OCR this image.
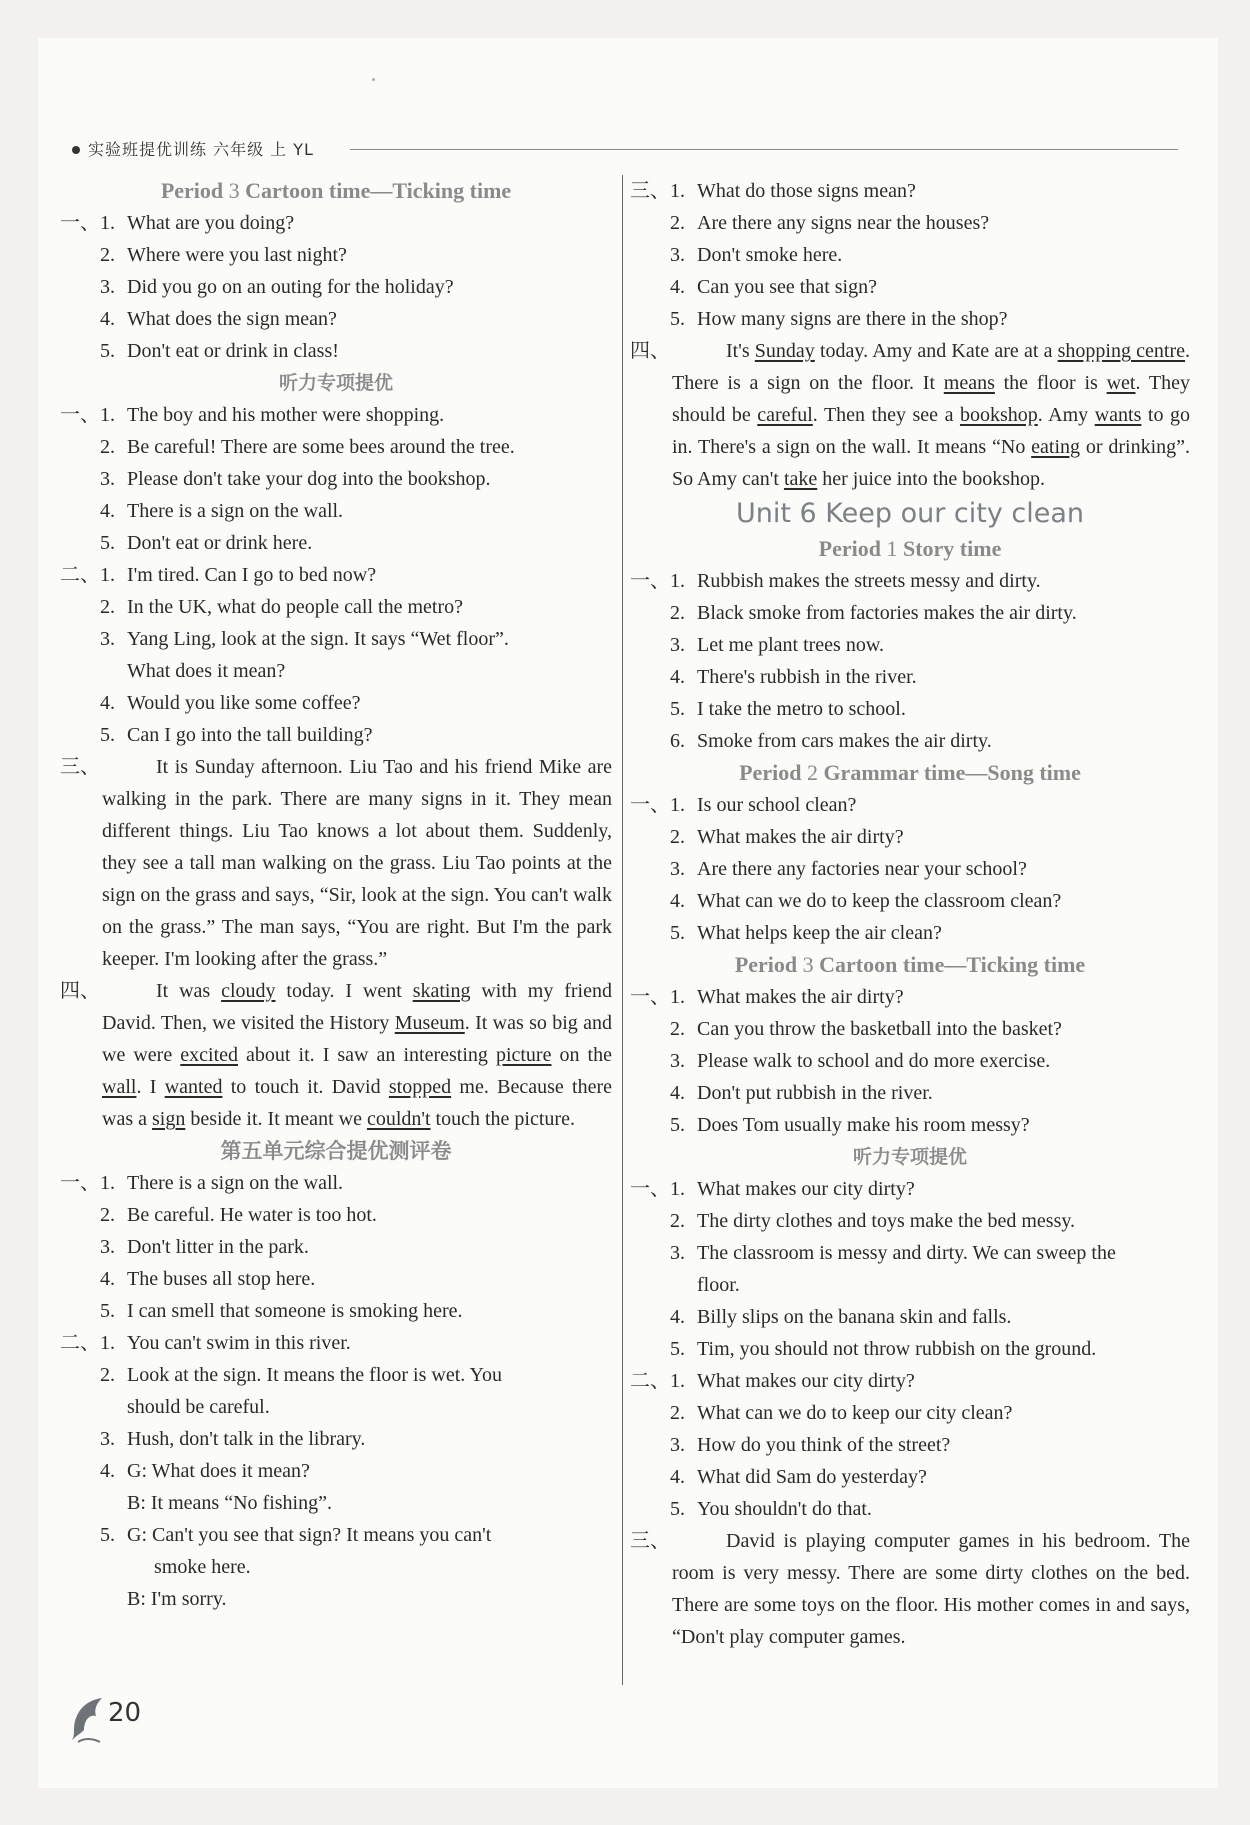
实验班提优训练 六年级 上 YL
Period 3 Cartoon time—Ticking time
一、 1. What are you doing?
2. Where were you last night?
3. Did you go on an outing for the holiday?
4. What does the sign mean?
5. Don't eat or drink in class!
听力专项提优
一、 1. The boy and his mother were shopping.
2. Be careful! There are some bees around the tree.
3. Please don't take your dog into the bookshop.
4. There is a sign on the wall.
5. Don't eat or drink here.
二、 1. I'm tired. Can I go to bed now?
2. In the UK, what do people call the metro?
3. Yang Ling, look at the sign. It says “Wet floor”.
What does it mean?
4. Would you like some coffee?
5. Can I go into the tall building?
三、	It is Sunday afternoon. Liu Tao and his friend Mike are walking in the park. There are many signs in it. They mean different things. Liu Tao knows a lot about them. Suddenly, they see a tall man walking on the grass. Liu Tao points at the sign on the grass and says, “Sir, look at the sign. You can't walk on the grass.” The man says, “You are right. But I'm the park keeper. I'm looking after the grass.”
四、	It was cloudy today. I went skating with my friend David. Then, we visited the History Museum. It was so big and we were excited about it. I saw an interesting picture on the wall. I wanted to touch it. David stopped me. Because there was a sign beside it. It meant we couldn't touch the picture.
第五单元综合提优测评卷
一、 1. There is a sign on the wall.
2. Be careful. He water is too hot.
3. Don't litter in the park.
4. The buses all stop here.
5. I can smell that someone is smoking here.
二、 1. You can't swim in this river.
2. Look at the sign. It means the floor is wet. You
should be careful.
3. Hush, don't talk in the library.
4. G: What does it mean?
B: It means “No fishing”.
5. G: Can't you see that sign? It means you can't
smoke here.
B: I'm sorry.
三、 1. What do those signs mean?
2. Are there any signs near the houses?
3. Don't smoke here.
4. Can you see that sign?
5. How many signs are there in the shop?
四、	It's Sunday today. Amy and Kate are at a shopping centre. There is a sign on the floor. It means the floor is wet. They should be careful. Then they see a bookshop. Amy wants to go in. There's a sign on the wall. It means “No eating or drinking”. So Amy can't take her juice into the bookshop.
Unit 6 Keep our city clean
Period 1 Story time
一、 1. Rubbish makes the streets messy and dirty.
2. Black smoke from factories makes the air dirty.
3. Let me plant trees now.
4. There's rubbish in the river.
5. I take the metro to school.
6. Smoke from cars makes the air dirty.
Period 2 Grammar time—Song time
一、 1. Is our school clean?
2. What makes the air dirty?
3. Are there any factories near your school?
4. What can we do to keep the classroom clean?
5. What helps keep the air clean?
Period 3 Cartoon time—Ticking time
一、 1. What makes the air dirty?
2. Can you throw the basketball into the basket?
3. Please walk to school and do more exercise.
4. Don't put rubbish in the river.
5. Does Tom usually make his room messy?
听力专项提优
一、 1. What makes our city dirty?
2. The dirty clothes and toys make the bed messy.
3. The classroom is messy and dirty. We can sweep the
floor.
4. Billy slips on the banana skin and falls.
5. Tim, you should not throw rubbish on the ground.
二、 1. What makes our city dirty?
2. What can we do to keep our city clean?
3. How do you think of the street?
4. What did Sam do yesterday?
5. You shouldn't do that.
三、	David is playing computer games in his bedroom. The room is very messy. There are some dirty clothes on the bed. There are some toys on the floor. His mother comes in and says, “Don't play computer games.
20
